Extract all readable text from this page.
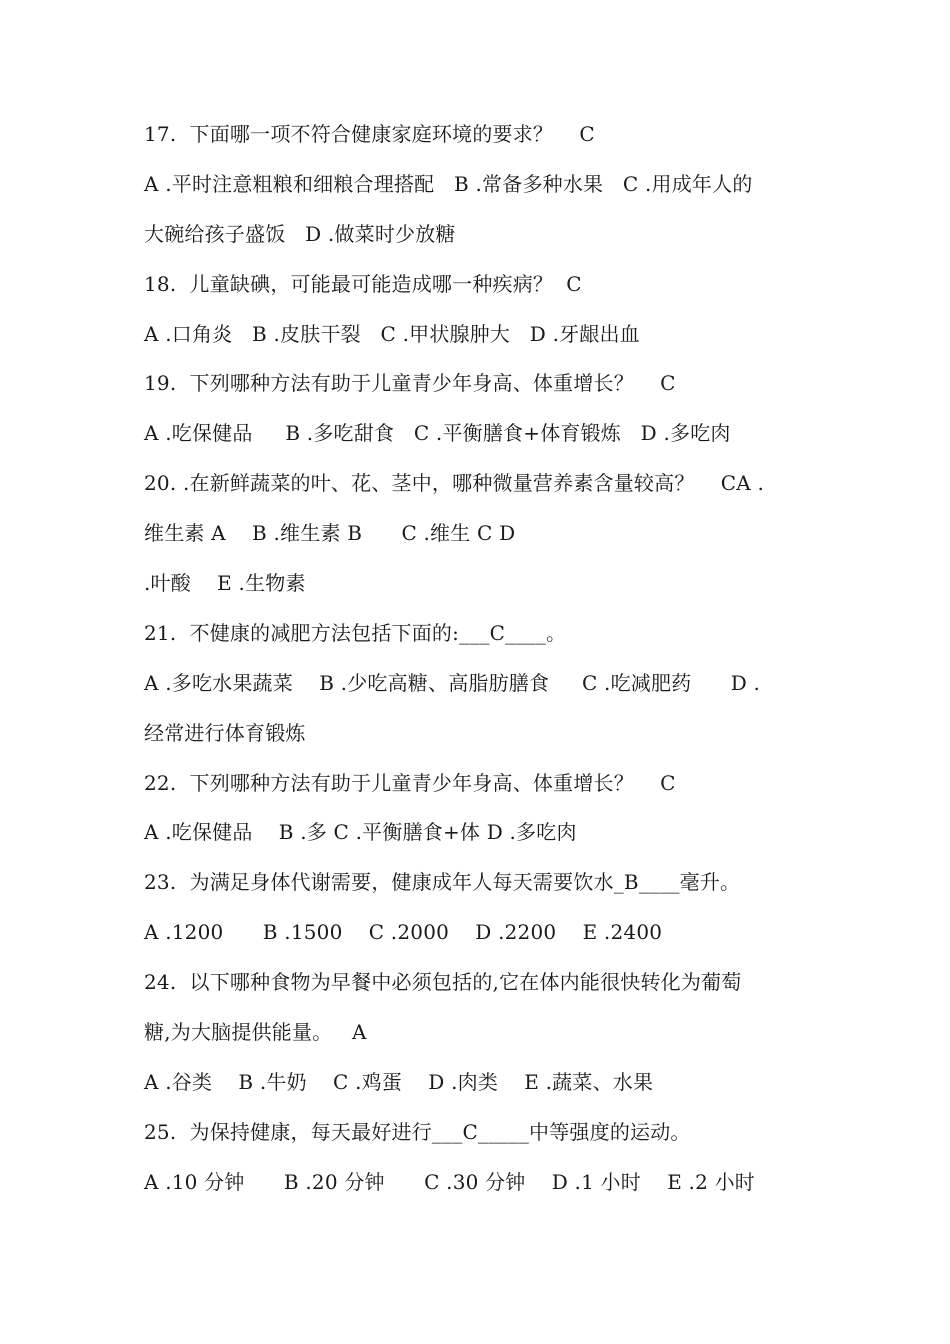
17.  下面哪一项不符合健康家庭环境的要求？    C
A .平时注意粗粮和细粮合理搭配   B .常备多种水果   C .用成年人的
大碗给孩子盛饭   D .做菜时少放糖
18.  儿童缺碘，可能最可能造成哪一种疾病？  C
A .口角炎   B .皮肤干裂   C .甲状腺肿大   D .牙龈出血
19.  下列哪种方法有助于儿童青少年身高、体重增长？    C
A .吃保健品     B .多吃甜食   C .平衡膳食+体育锻炼   D .多吃肉
20. .在新鲜蔬菜的叶、花、茎中，哪种微量营养素含量较高？    CA .
维生素 A    B .维生素 B      C .维生 C D
.叶酸    E .生物素
21.  不健康的减肥方法包括下面的:___C____。
A .多吃水果蔬菜    B .少吃高糖、高脂肪膳食     C .吃减肥药      D .
经常进行体育锻炼
22.  下列哪种方法有助于儿童青少年身高、体重增长？    C
A .吃保健品    B .多 C .平衡膳食+体 D .多吃肉
23.  为满足身体代谢需要，健康成年人每天需要饮水_B____毫升。
A .1200      B .1500    C .2000    D .2200    E .2400
24.  以下哪种食物为早餐中必须包括的,它在体内能很快转化为葡萄
糖,为大脑提供能量。   A
A .谷类    B .牛奶    C .鸡蛋    D .肉类    E .蔬菜、水果
25.  为保持健康，每天最好进行___C_____中等强度的运动。
A .10 分钟      B .20 分钟      C .30 分钟    D .1 小时    E .2 小时
